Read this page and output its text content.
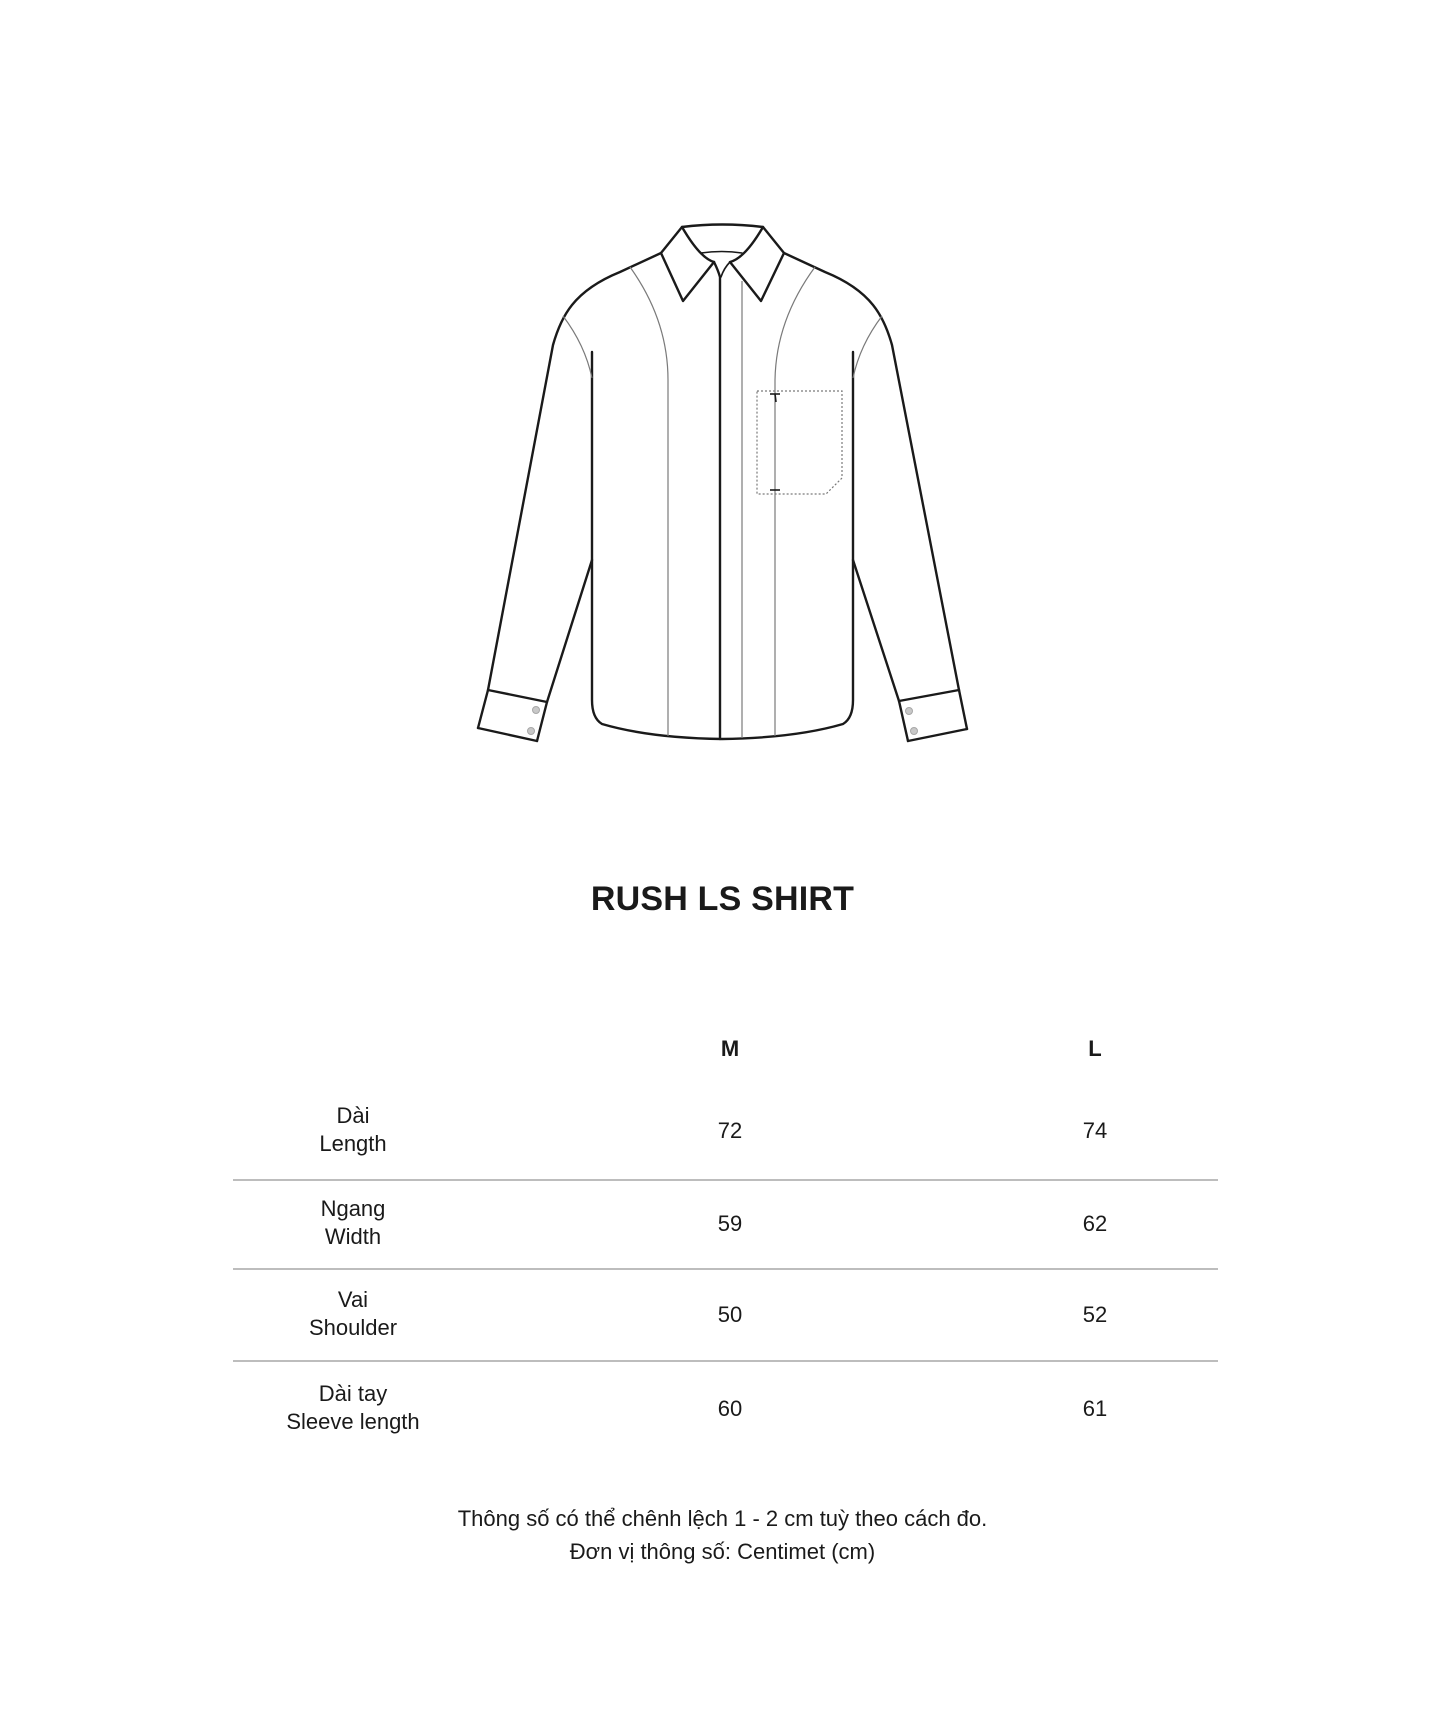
RUSH LS SHIRT
M	L
Dài
Length
72	74
Ngang
Width
59	62
Vai
Shoulder
50	52
Dài tay
Sleeve length
60	61
Thông số có thể chênh lệch 1 - 2 cm tuỳ theo cách đo.
Đơn vị thông số: Centimet (cm)
